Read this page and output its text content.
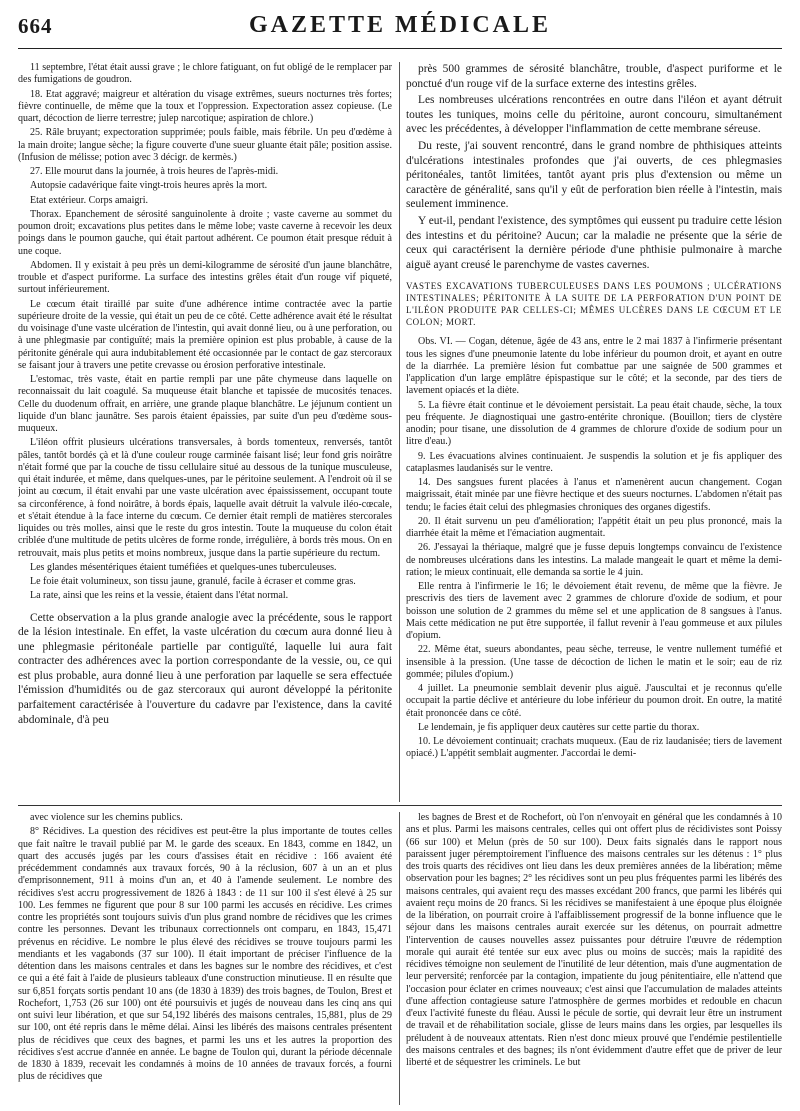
664	GAZETTE MÉDICALE

11 septembre, l'état était aussi grave ; le chlore fatiguant, on fut obligé de le remplacer par des fumigations de goudron.

18. Etat aggravé; maigreur et altération du visage extrêmes, sueurs nocturnes très fortes; fièvre continuelle, de même que la toux et l'oppression. Expectoration assez copieuse. (Le quart, décoction de lierre terrestre; julep narcotique; aspiration de chlore.)

25. Râle bruyant; expectoration supprimée; pouls faible, mais fébrile. Un peu d'œdème à la main droite; langue sèche; la figure couverte d'une sueur gluante était pâle; position assise. (Infusion de mélisse; potion avec 3 décigr. de kermès.)

27. Elle mourut dans la journée, à trois heures de l'après-midi.

Autopsie cadavérique faite vingt-trois heures après la mort.

Etat extérieur. Corps amaigri.

Thorax. Epanchement de sérosité sanguinolente à droite ; vaste caverne au sommet du poumon droit; excavations plus petites dans le même lobe; vaste caverne à recevoir les deux poings dans le poumon gauche, qui était partout adhérent. Ce poumon était presque réduit à une coque.

Abdomen. Il y existait à peu près un demi-kilogramme de sérosité d'un jaune blanchâtre, trouble et d'aspect puriforme. La surface des intestins grêles était d'un rouge vif piqueté, surtout inférieurement.

Le cœcum était tiraillé par suite d'une adhérence intime contractée avec la partie supérieure droite de la vessie, qui était un peu de ce côté. Cette adhérence avait été le résultat du voisinage d'une vaste ulcération de l'intestin, qui avait donné lieu, ou à une perforation, ou à une phlegmasie par contiguïté; mais la première opinion est plus probable, à cause de la péritonite générale qui aura indubitablement été occasionnée par le contact de gaz stercoraux se faisant jour à travers une petite crevasse ou érosion perforative intestinale.

L'estomac, très vaste, était en partie rempli par une pâte chymeuse dans laquelle on reconnaissait du lait coagulé. Sa muqueuse était blanche et tapissée de mucosités tenaces. Celle du duodenum offrait, en arrière, une grande plaque blanchâtre. Le jéjunum contient un liquide d'un blanc jaunâtre. Ses parois étaient épaissies, par suite d'un peu d'œdème sous-muqueux.

L'iléon offrit plusieurs ulcérations transversales, à bords tomenteux, renversés, tantôt pâles, tantôt bordés çà et là d'une couleur rouge carminée faisant lisé; leur fond gris noirâtre n'était formé que par la couche de tissu cellulaire situé au dessous de la tunique musculeuse, qui était indurée, et même, dans quelques-unes, par le péritoine seulement. A l'endroit où il se joint au cœcum, il était envahi par une vaste ulcération avec épaississement, occupant toute sa circonférence, à fond noirâtre, à bords épais, laquelle avait détruit la valvule iléo-cœcale, et s'était étendue à la face interne du cœcum. Ce dernier était rempli de matières stercorales liquides ou très molles, ainsi que le reste du gros intestin. Toute la muqueuse du colon était criblée d'une multitude de petits ulcères de forme ronde, irrégulière, à bords très mous. On en retrouvait, mais plus petits et moins nombreux, jusque dans la partie supérieure du rectum.

Les glandes mésentériques étaient tuméfiées et quelques-unes tuberculeuses.

Le foie était volumineux, son tissu jaune, granulé, facile à écraser et comme gras.

La rate, ainsi que les reins et la vessie, étaient dans l'état normal.

Cette observation a la plus grande analogie avec la précédente, sous le rapport de la lésion intestinale. En effet, la vaste ulcération du cœcum aura donné lieu à une phlegmasie péritonéale partielle par contiguïté, laquelle lui aura fait contracter des adhérences avec la portion correspondante de la vessie, ou, ce qui est plus probable, aura donné lieu à une perforation par laquelle se sera effectuée l'émission d'humidités ou de gaz stercoraux qui auront développé la péritonite parfaitement caractérisée à l'ouverture du cadavre par l'existence, dans la cavité abdominale, d'à peu

près 500 grammes de sérosité blanchâtre, trouble, d'aspect puriforme et le ponctué d'un rouge vif de la surface externe des intestins grêles.

Les nombreuses ulcérations rencontrées en outre dans l'iléon et ayant détruit toutes les tuniques, moins celle du péritoine, auront concouru, simultanément avec les précédentes, à développer l'inflammation de cette membrane séreuse.

Du reste, j'ai souvent rencontré, dans le grand nombre de phthisiques atteints d'ulcérations intestinales profondes que j'ai ouverts, de ces phlegmasies péritonéales, tantôt limitées, tantôt ayant pris plus d'extension ou même un caractère de généralité, sans qu'il y eût de perforation bien réelle à l'intestin, mais seulement imminence.

Y eut-il, pendant l'existence, des symptômes qui eussent pu traduire cette lésion des intestins et du péritoine? Aucun; car la maladie ne présente que la série de ceux qui caractérisent la dernière période d'une phthisie pulmonaire à marche aiguë ayant creusé le parenchyme de vastes cavernes.

VASTES EXCAVATIONS TUBERCULEUSES DANS LES POUMONS ; ULCÉRATIONS INTESTINALES; PÉRITONITE À LA SUITE DE LA PERFORATION D'UN POINT DE L'ILÉON PRODUITE PAR CELLES-CI; MÊMES ULCÈRES DANS LE CŒCUM ET LE COLON; MORT.

Obs. VI. — Cogan, détenue, âgée de 43 ans, entre le 2 mai 1837 à l'infirmerie présentant tous les signes d'une pneumonie latente du lobe inférieur du poumon droit, et ayant en outre de la diarrhée. La première lésion fut combattue par une saignée de 500 grammes et l'application d'un large emplâtre épispastique sur le côté; et la seconde, par des tiers de lavement opiacés et la diète.

5. La fièvre était continue et le dévoiement persistait. La peau était chaude, sèche, la toux peu fréquente. Je diagnostiquai une gastro-entérite chronique. (Bouillon; tiers de clystère anodin; pour tisane, une dissolution de 4 grammes de chlorure d'oxide de sodium pour un litre d'eau.)

9. Les évacuations alvines continuaient. Je suspendis la solution et je fis appliquer des cataplasmes laudanisés sur le ventre.

14. Des sangsues furent placées à l'anus et n'amenèrent aucun changement. Cogan maigrissait, était minée par une fièvre hectique et des sueurs nocturnes. L'abdomen n'était pas tendu; le facies était celui des phlegmasies chroniques des organes digestifs.

20. Il était survenu un peu d'amélioration; l'appétit était un peu plus prononcé, mais la diarrhée était la même et l'émaciation augmentait.

26. J'essayai la thériaque, malgré que je fusse depuis longtemps convaincu de l'existence de nombreuses ulcérations dans les intestins. La malade mangeait le quart et même la demi-ration; le mieux continuait, elle demanda sa sortie le 4 juin.

Elle rentra à l'infirmerie le 16; le dévoiement était revenu, de même que la fièvre. Je prescrivis des tiers de lavement avec 2 grammes de chlorure d'oxide de sodium, et pour boisson une solution de 2 grammes du même sel et une application de 8 sangsues à l'anus. Mais cette médication ne put être supportée, il fallut revenir à l'eau gommeuse et aux pilules d'opium.

22. Même état, sueurs abondantes, peau sèche, terreuse, le ventre nullement tuméfié et insensible à la pression. (Une tasse de décoction de lichen le matin et le soir; eau de riz gommée; pilules d'opium.)

4 juillet. La pneumonie semblait devenir plus aiguë. J'auscultai et je reconnus qu'elle occupait la partie déclive et antérieure du lobe inférieur du poumon droit. En outre, la matité était prononcée dans ce côté.

Le lendemain, je fis appliquer deux cautères sur cette partie du thorax.

10. Le dévoiement continuait; crachats muqueux. (Eau de riz laudanisée; tiers de lavement opiacé.) L'appétit semblait augmenter. J'accordai le demi-

avec violence sur les chemins publics.

8° Récidives. La question des récidives est peut-être la plus importante de toutes celles que fait naître le travail publié par M. le garde des sceaux. En 1843, comme en 1842, un quart des accusés jugés par les cours d'assises était en récidive : 166 avaient été précédemment condamnés aux travaux forcés, 90 à la réclusion, 607 à un an et plus d'emprisonnement, 911 à moins d'un an, et 40 à l'amende seulement. Le nombre des récidives s'est accru progressivement de 1826 à 1843 : de 11 sur 100 il s'est élevé à 25 sur 100. Les femmes ne figurent que pour 8 sur 100 parmi les accusés en récidive. Les crimes contre les propriétés sont toujours suivis d'un plus grand nombre de récidives que les crimes contre les personnes. Devant les tribunaux correctionnels ont comparu, en 1843, 15,471 prévenus en récidive. Le nombre le plus élevé des récidives se trouve toujours parmi les mendiants et les vagabonds (37 sur 100). Il était important de préciser l'influence de la détention dans les maisons centrales et dans les bagnes sur le nombre des récidives, et c'est ce qui a été fait à l'aide de plusieurs tableaux d'une construction minutieuse. Il en résulte que sur 6,851 forçats sortis pendant 10 ans (de 1830 à 1839) des trois bagnes, de Toulon, Brest et Rochefort, 1,753 (26 sur 100) ont été poursuivis et jugés de nouveau dans les cinq ans qui ont suivi leur libération, et que sur 54,192 libérés des maisons centrales, 15,881, plus de 29 sur 100, ont été repris dans le même délai. Ainsi les libérés des maisons centrales présentent plus de récidives que ceux des bagnes, et parmi les uns et les autres la proportion des récidives s'est accrue d'année en année. Le bagne de Toulon qui, durant la période décennale de 1830 à 1839, recevait les condamnés à moins de 10 années de travaux forcés, a fourni plus de récidives que

les bagnes de Brest et de Rochefort, où l'on n'envoyait en général que les condamnés à 10 ans et plus. Parmi les maisons centrales, celles qui ont offert plus de récidivistes sont Poissy (66 sur 100) et Melun (près de 50 sur 100). Deux faits signalés dans le rapport nous paraissent juger péremptoirement l'influence des maisons centrales sur les détenus : 1° plus des trois quarts des récidives ont lieu dans les deux premières années de la libération; même observation pour les bagnes; 2° les récidives sont un peu plus fréquentes parmi les libérés des maisons centrales, qui avaient reçu des masses excédant 200 francs, que parmi les libérés qui avaient reçu moins de 20 francs. Si les récidives se manifestaient à une époque plus éloignée de la libération, on pourrait croire à l'affaiblissement progressif de la bonne influence que le séjour dans les maisons centrales aurait exercée sur les détenus, on pourrait admettre l'intervention de causes nouvelles assez puissantes pour détruire l'œuvre de rédemption morale qui aurait été tentée sur eux avec plus ou moins de succès; mais la rapidité des récidives témoigne non seulement de l'inutilité de leur détention, mais d'une augmentation de leur perversité; renforcée par la contagion, impatiente du joug pénitentiaire, elle n'attend que l'occasion pour éclater en crimes nouveaux; c'est ainsi que l'accumulation de malades atteints d'une affection contagieuse sature l'atmosphère de germes morbides et redouble en chacun d'eux l'activité funeste du fléau. Aussi le pécule de sortie, qui devrait leur être un instrument de travail et de réhabilitation sociale, glisse de leurs mains dans les orgies, par lesquelles ils préludent à de nouveaux attentats. Rien n'est donc mieux prouvé que l'endémie pestilentielle des maisons centrales et des bagnes; ils n'ont évidemment d'autre effet que de priver de leur liberté et de séquestrer les criminels. Le but
